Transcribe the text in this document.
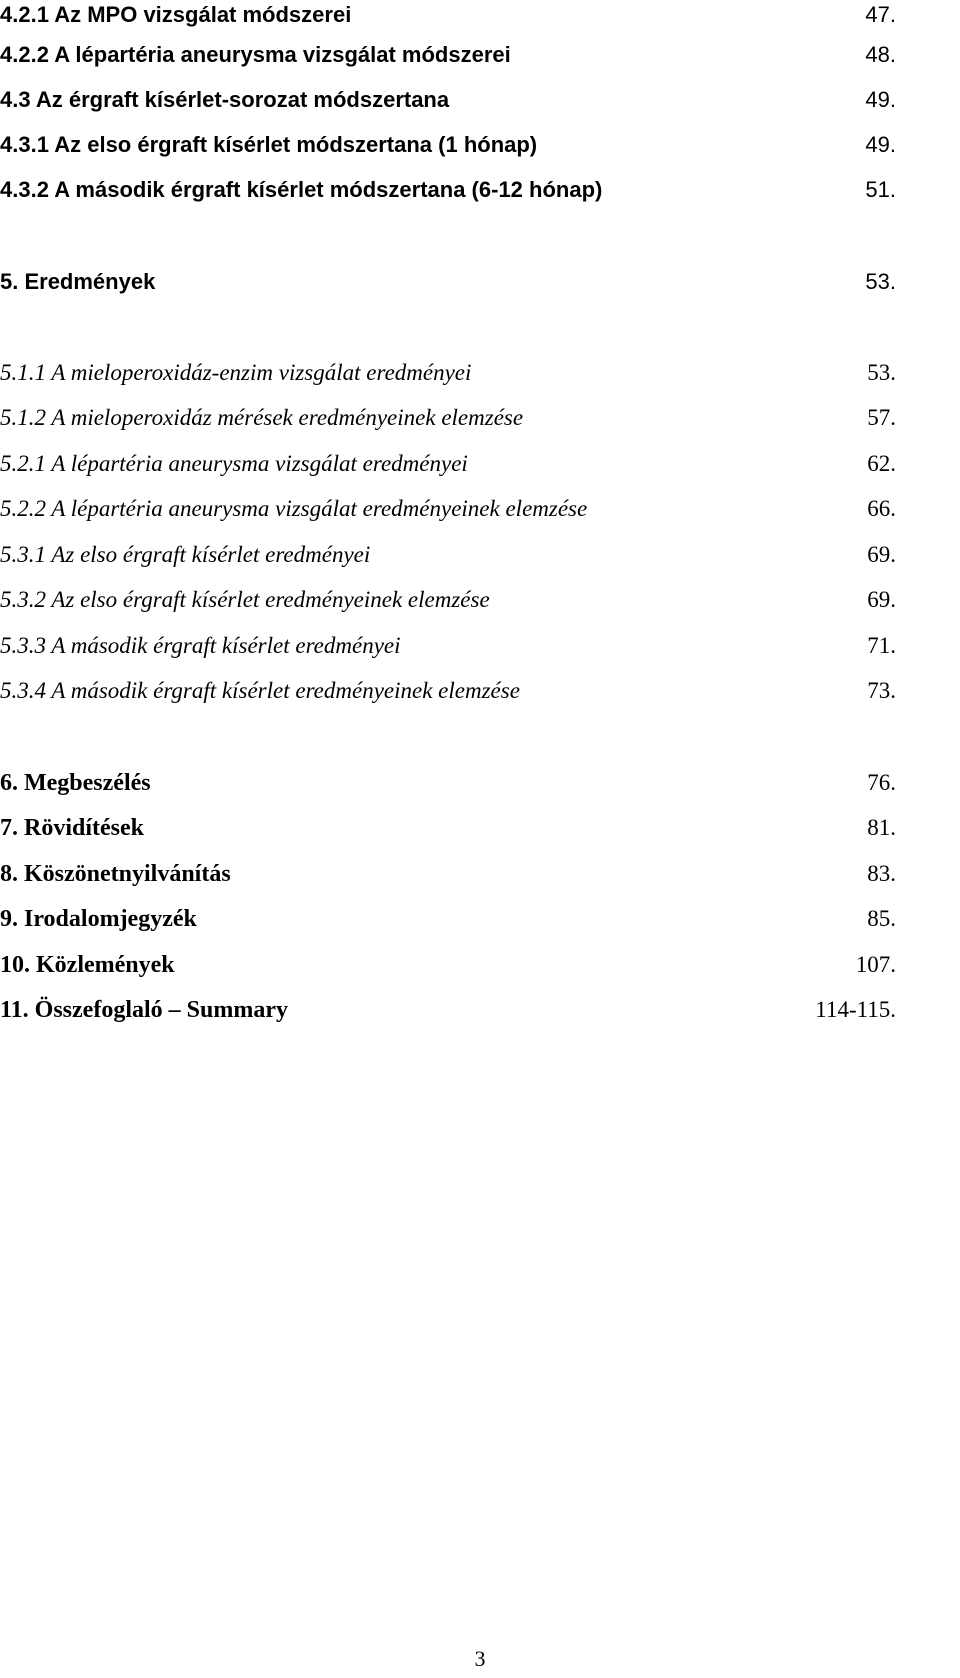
4.2.1 Az MPO vizsgálat módszerei	47.
4.2.2 A lépartéria aneurysma vizsgálat módszerei	48.
4.3 Az érgraft kísérlet-sorozat módszertana	49.
4.3.1 Az elso érgraft kísérlet módszertana (1 hónap)	49.
4.3.2 A második érgraft kísérlet módszertana (6-12 hónap)	51.
5. Eredmények	53.
5.1.1 A mieloperoxidáz-enzim vizsgálat eredményei	53.
5.1.2 A mieloperoxidáz mérések eredményeinek elemzése	57.
5.2.1 A lépartéria aneurysma vizsgálat eredményei	62.
5.2.2 A lépartéria aneurysma vizsgálat eredményeinek elemzése	66.
5.3.1 Az elso érgraft kísérlet eredményei	69.
5.3.2 Az elso érgraft kísérlet eredményeinek elemzése	69.
5.3.3 A második érgraft kísérlet eredményei	71.
5.3.4 A második érgraft kísérlet eredményeinek elemzése	73.
6. Megbeszélés	76.
7. Rövidítések	81.
8. Köszönetnyilvánítás	83.
9. Irodalomjegyzék	85.
10. Közlemények	107.
11. Összefoglaló – Summary	114-115.
3
